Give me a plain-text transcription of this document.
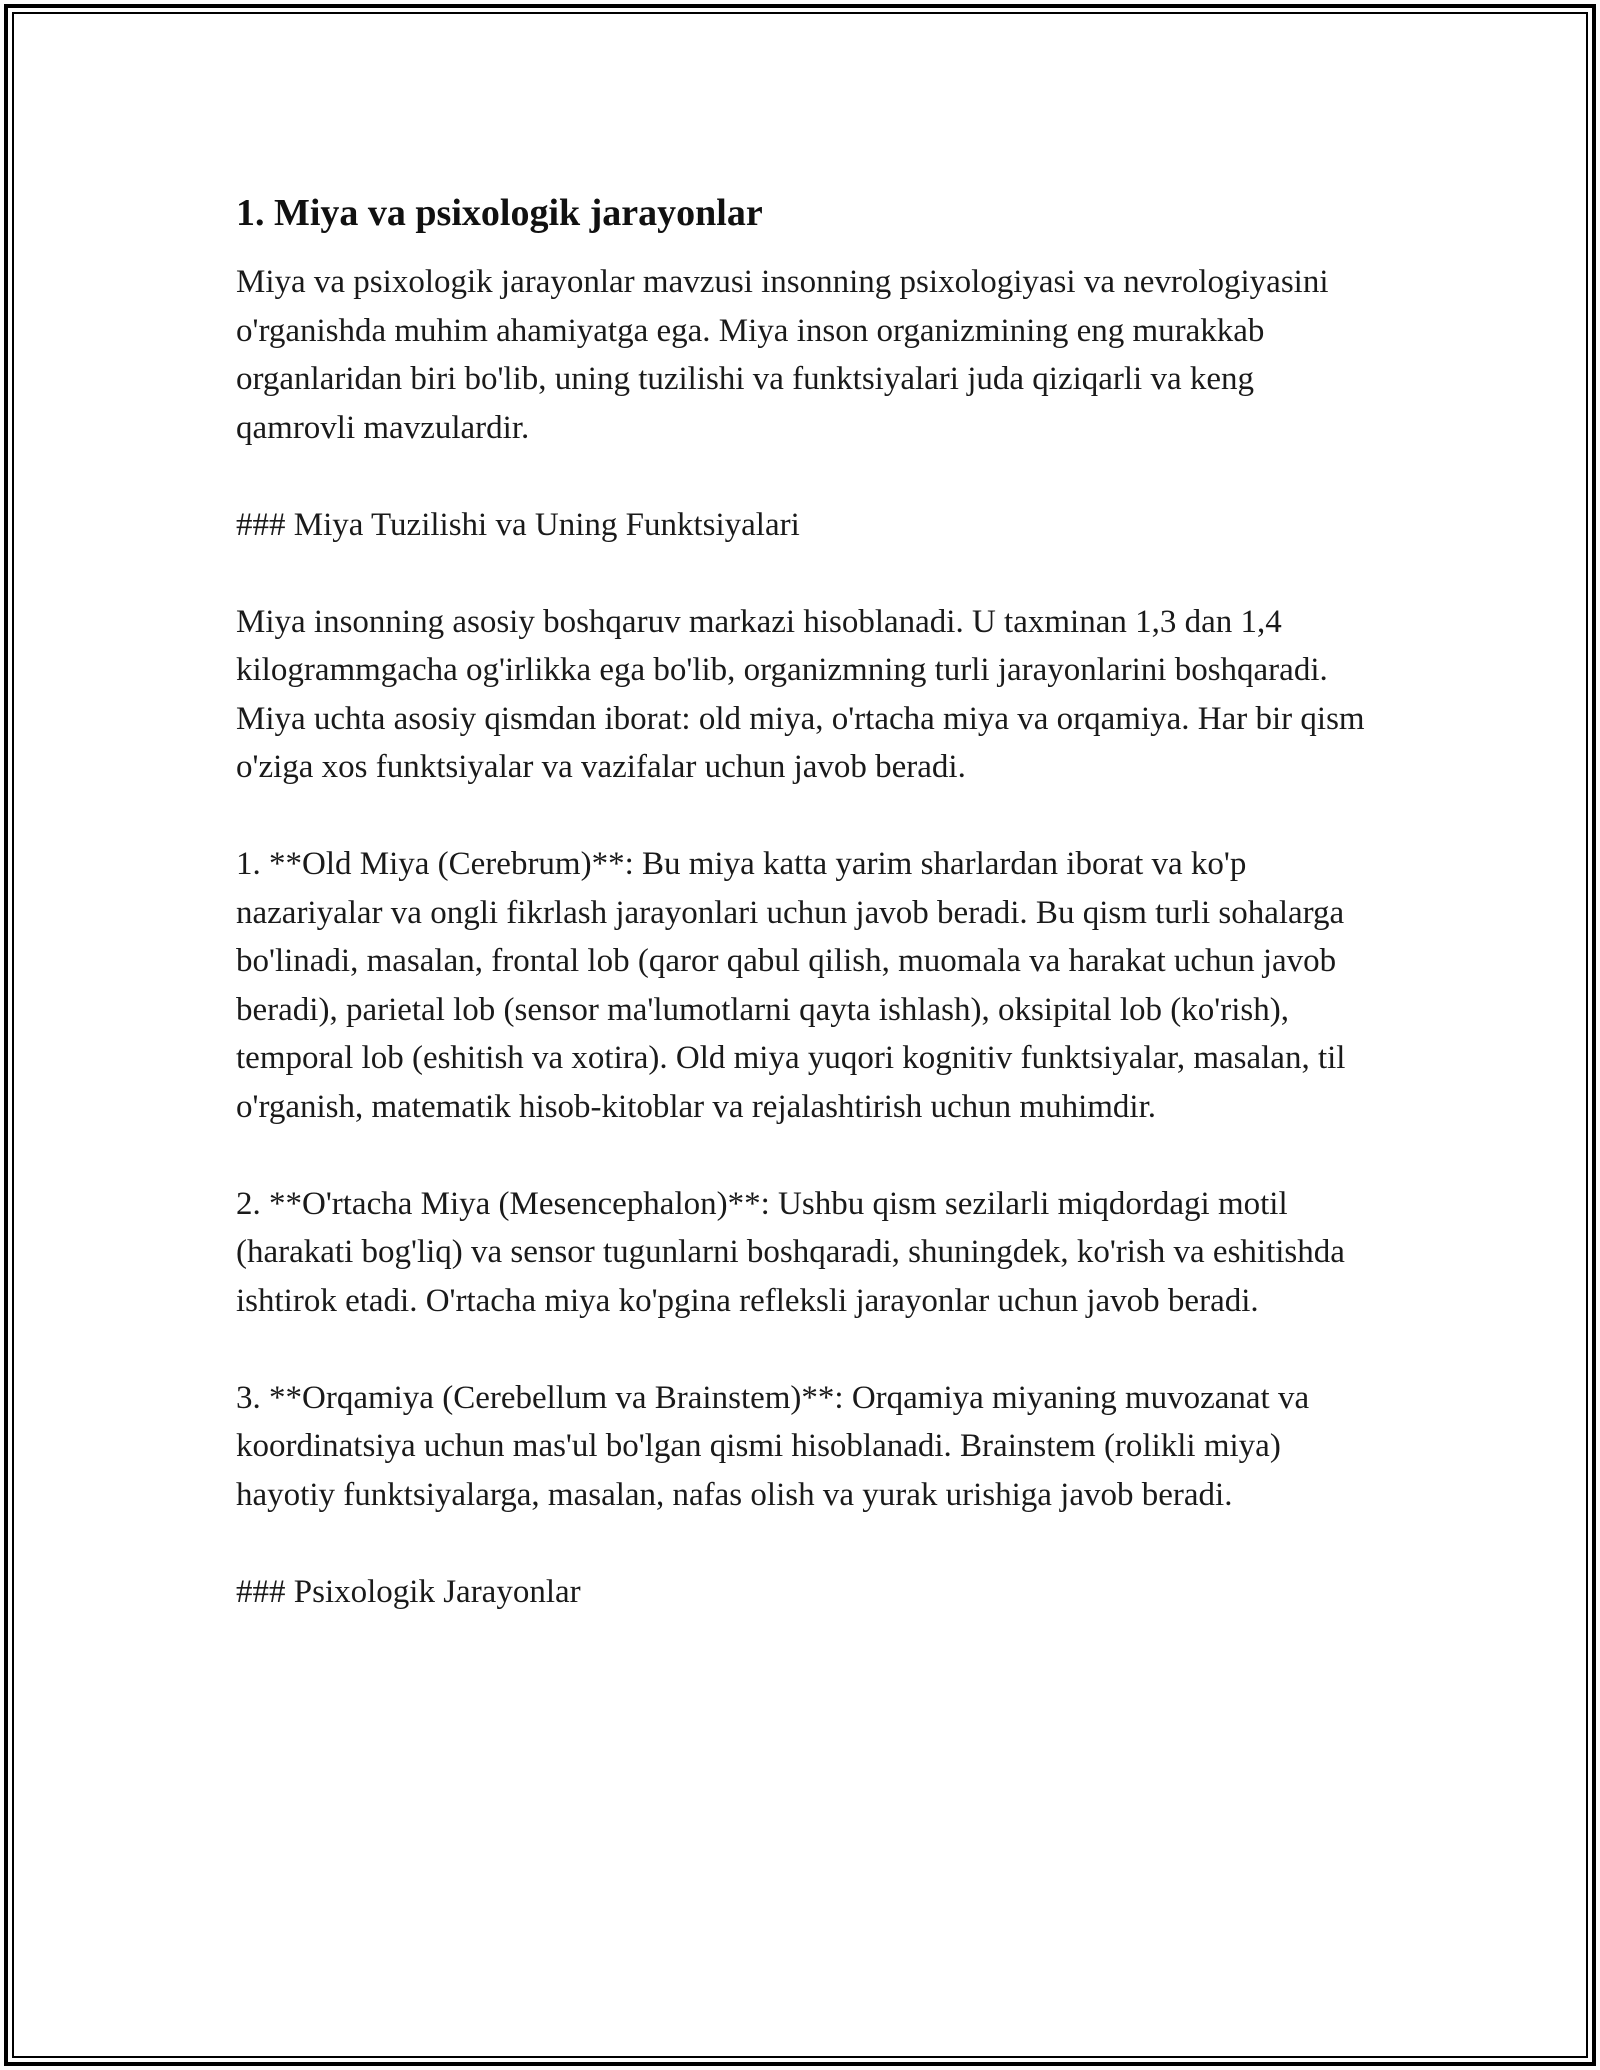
1. Miya va psixologik jarayonlar

Miya va psixologik jarayonlar mavzusi insonning psixologiyasi va nevrologiyasini o'rganishda muhim ahamiyatga ega. Miya inson organizmining eng murakkab organlaridan biri bo'lib, uning tuzilishi va funktsiyalari juda qiziqarli va keng qamrovli mavzulardir.

### Miya Tuzilishi va Uning Funktsiyalari

Miya insonning asosiy boshqaruv markazi hisoblanadi. U taxminan 1,3 dan 1,4 kilogrammgacha og'irlikka ega bo'lib, organizmning turli jarayonlarini boshqaradi. Miya uchta asosiy qismdan iborat: old miya, o'rtacha miya va orqamiya. Har bir qism o'ziga xos funktsiyalar va vazifalar uchun javob beradi.

1. **Old Miya (Cerebrum)**: Bu miya katta yarim sharlardan iborat va ko'p nazariyalar va ongli fikrlash jarayonlari uchun javob beradi. Bu qism turli sohalarga bo'linadi, masalan, frontal lob (qaror qabul qilish, muomala va harakat uchun javob beradi), parietal lob (sensor ma'lumotlarni qayta ishlash), oksipital lob (ko'rish), temporal lob (eshitish va xotira). Old miya yuqori kognitiv funktsiyalar, masalan, til o'rganish, matematik hisob-kitoblar va rejalashtirish uchun muhimdir.

2. **O'rtacha Miya (Mesencephalon)**: Ushbu qism sezilarli miqdordagi motil (harakati bog'liq) va sensor tugunlarni boshqaradi, shuningdek, ko'rish va eshitishda ishtirok etadi. O'rtacha miya ko'pgina refleksli jarayonlar uchun javob beradi.

3. **Orqamiya (Cerebellum va Brainstem)**: Orqamiya miyaning muvozanat va koordinatsiya uchun mas'ul bo'lgan qismi hisoblanadi. Brainstem (rolikli miya) hayotiy funktsiyalarga, masalan, nafas olish va yurak urishiga javob beradi.

### Psixologik Jarayonlar
